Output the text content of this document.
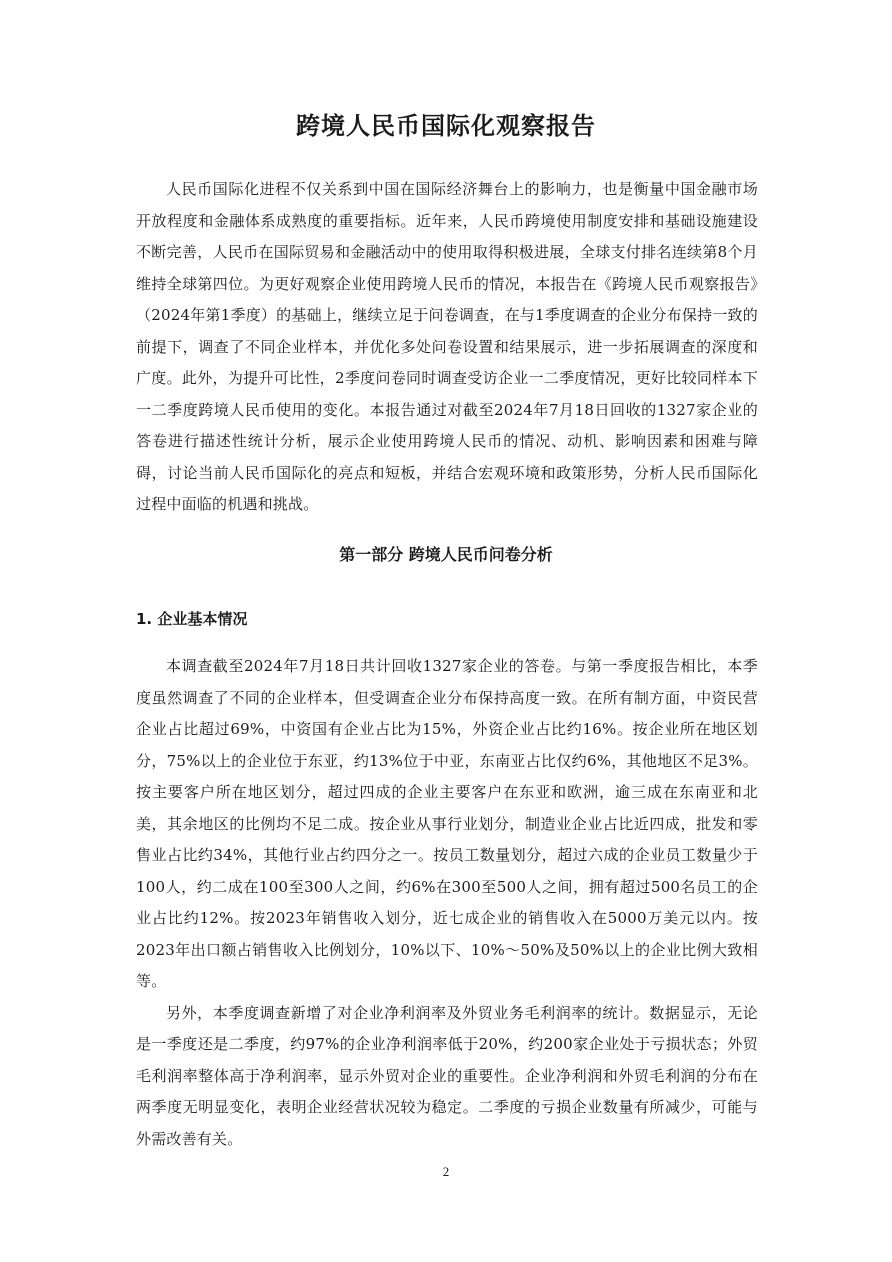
跨境人民币国际化观察报告

人民币国际化进程不仅关系到中国在国际经济舞台上的影响力，也是衡量中国金融市场开放程度和金融体系成熟度的重要指标。近年来，人民币跨境使用制度安排和基础设施建设不断完善，人民币在国际贸易和金融活动中的使用取得积极进展，全球支付排名连续第8个月维持全球第四位。为更好观察企业使用跨境人民币的情况，本报告在《跨境人民币观察报告》（2024年第1季度）的基础上，继续立足于问卷调查，在与1季度调查的企业分布保持一致的前提下，调查了不同企业样本，并优化多处问卷设置和结果展示，进一步拓展调查的深度和广度。此外，为提升可比性，2季度问卷同时调查受访企业一二季度情况，更好比较同样本下一二季度跨境人民币使用的变化。本报告通过对截至2024年7月18日回收的1327家企业的答卷进行描述性统计分析，展示企业使用跨境人民币的情况、动机、影响因素和困难与障碍，讨论当前人民币国际化的亮点和短板，并结合宏观环境和政策形势，分析人民币国际化过程中面临的机遇和挑战。

第一部分 跨境人民币问卷分析
1. 企业基本情况

本调查截至2024年7月18日共计回收1327家企业的答卷。与第一季度报告相比，本季度虽然调查了不同的企业样本，但受调查企业分布保持高度一致。在所有制方面，中资民营企业占比超过69%，中资国有企业占比为15%，外资企业占比约16%。按企业所在地区划分，75%以上的企业位于东亚，约13%位于中亚，东南亚占比仅约6%，其他地区不足3%。按主要客户所在地区划分，超过四成的企业主要客户在东亚和欧洲，逾三成在东南亚和北美，其余地区的比例均不足二成。按企业从事行业划分，制造业企业占比近四成，批发和零售业占比约34%，其他行业占约四分之一。按员工数量划分，超过六成的企业员工数量少于100人，约二成在100至300人之间，约6%在300至500人之间，拥有超过500名员工的企业占比约12%。按2023年销售收入划分，近七成企业的销售收入在5000万美元以内。按2023年出口额占销售收入比例划分，10%以下、10%～50%及50%以上的企业比例大致相等。

另外，本季度调查新增了对企业净利润率及外贸业务毛利润率的统计。数据显示，无论是一季度还是二季度，约97%的企业净利润率低于20%，约200家企业处于亏损状态；外贸毛利润率整体高于净利润率，显示外贸对企业的重要性。企业净利润和外贸毛利润的分布在两季度无明显变化，表明企业经营状况较为稳定。二季度的亏损企业数量有所减少，可能与外需改善有关。

2
